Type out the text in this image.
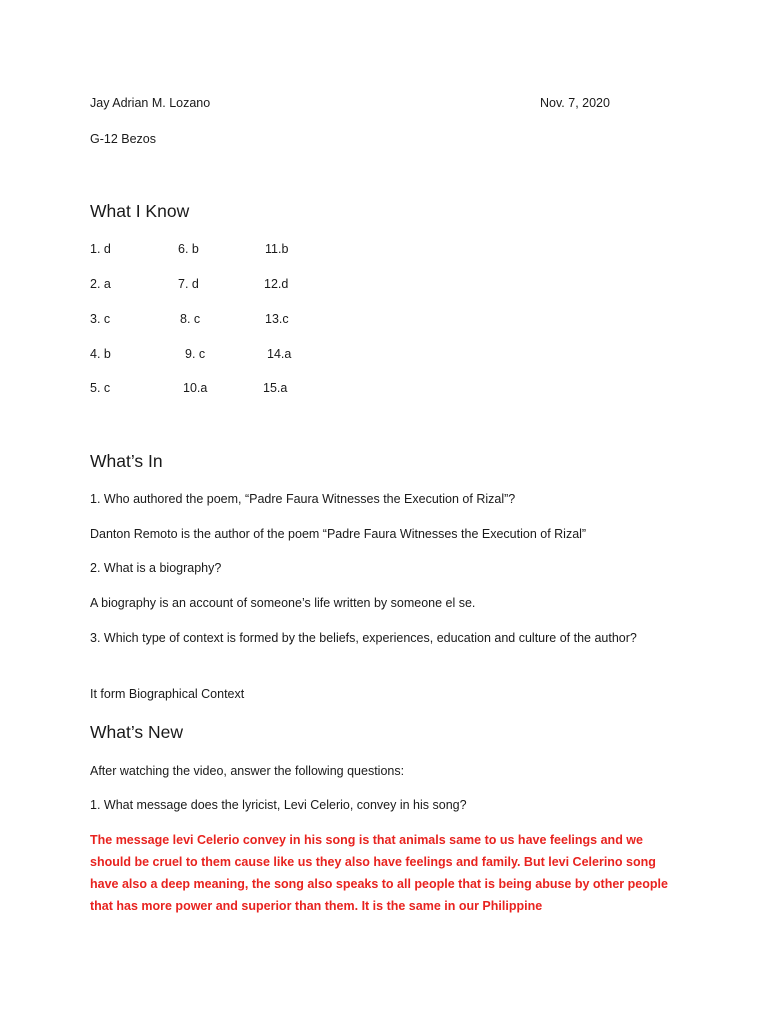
Jay Adrian M. Lozano	Nov. 7, 2020
G-12 Bezos
What I Know
1. d	6. b	11.b
2. a	7. d	12.d
3. c	8. c	13.c
4. b	9. c	14.a
5. c	10.a	15.a
What’s In
1. Who authored the poem, “Padre Faura Witnesses the Execution of Rizal”?
Danton Remoto is the author of the poem “Padre Faura Witnesses the Execution of Rizal”
2. What is a biography?
A biography is an account of someone’s life written by someone el se.
3. Which type of context is formed by the beliefs, experiences, education and culture of the author?
It form Biographical Context
What’s New
After watching the video, answer the following questions:
1. What message does the lyricist, Levi Celerio, convey in his song?
The message levi Celerio convey in his song is that animals same to us have feelings and we should be cruel to them cause like us they also have feelings and family. But levi Celerino song have also a deep meaning, the song also speaks to all people that is being abuse by other people that has more power and superior than them. It is the same in our Philippine
